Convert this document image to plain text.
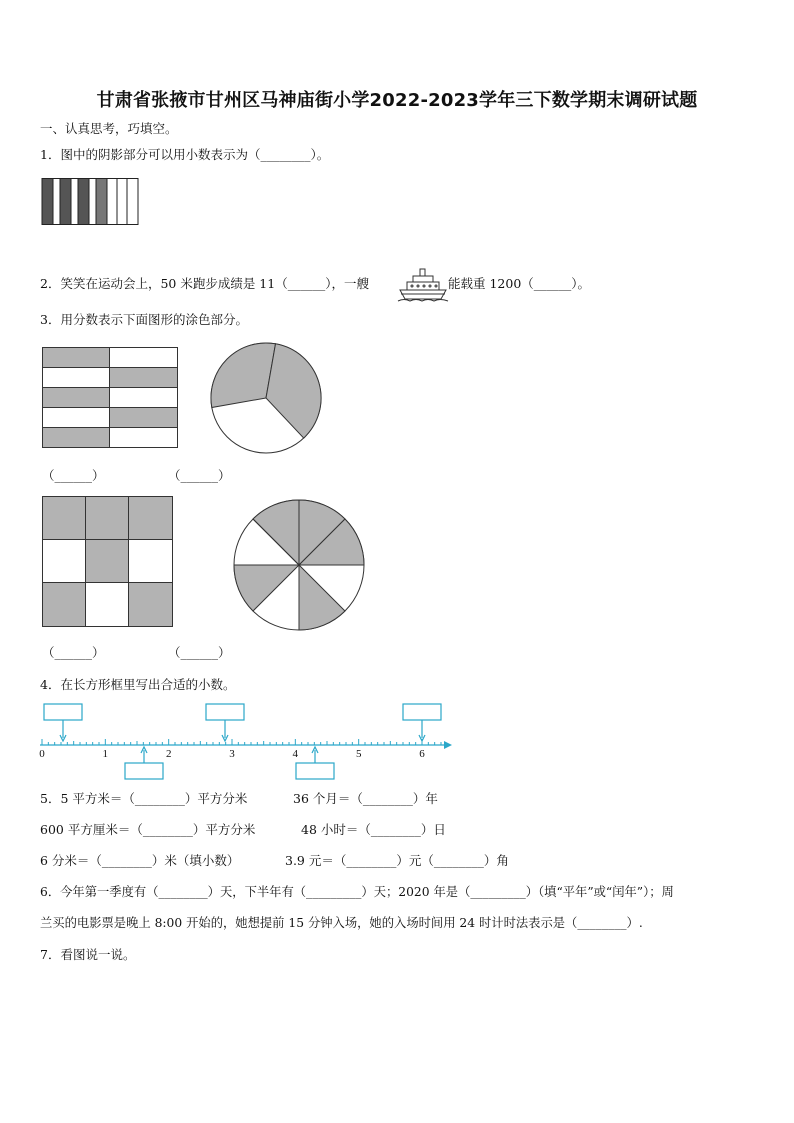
甘肃省张掖市甘州区马神庙街小学2022-2023学年三下数学期末调研试题
一、认真思考，巧填空。
1．图中的阴影部分可以用小数表示为（________）。
2．笑笑在运动会上，50 米跑步成绩是 11（______），一艘	能载重 1200（______）。
3．用分数表示下面图形的涂色部分。
（______）	（______）
（______）	（______）
4．在长方形框里写出合适的小数。
0	1	2	3	4	5	6
5．5 平方米＝（________）平方分米	36 个月＝（________）年
600 平方厘米＝（________）平方分米	48 小时＝（________）日
6 分米＝（________）米（填小数）	3.9 元＝（________）元（________）角
6．今年第一季度有（________）天，下半年有（_________）天；2020 年是（_________）（填“平年”或“闰年”）；周
兰买的电影票是晚上 8:00 开始的，她想提前 15 分钟入场，她的入场时间用 24 时计时法表示是（________）.
7．看图说一说。
